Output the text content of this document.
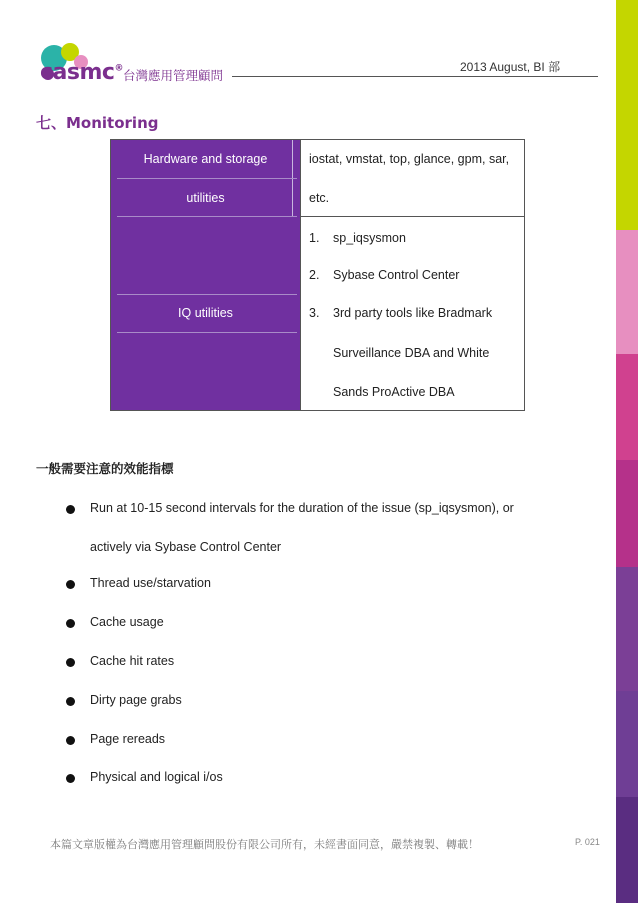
casmc® 台灣應用管理顧問
2013 August, BI 部
七、Monitoring
Hardware and storage
utilities
iostat, vmstat, top, glance, gpm, sar,
etc.
IQ utilities
1. sp_iqsysmon
2. Sybase Control Center
3. 3rd party tools like Bradmark
Surveillance DBA and White
Sands ProActive DBA
一般需要注意的效能指標
Run at 10-15 second intervals for the duration of the issue (sp_iqsysmon), or
actively via Sybase Control Center
Thread use/starvation
Cache usage
Cache hit rates
Dirty page grabs
Page rereads
Physical and logical i/os
本篇文章版權為台灣應用管理顧問股份有限公司所有，未經書面同意，嚴禁複製、轉載！	P. 021
